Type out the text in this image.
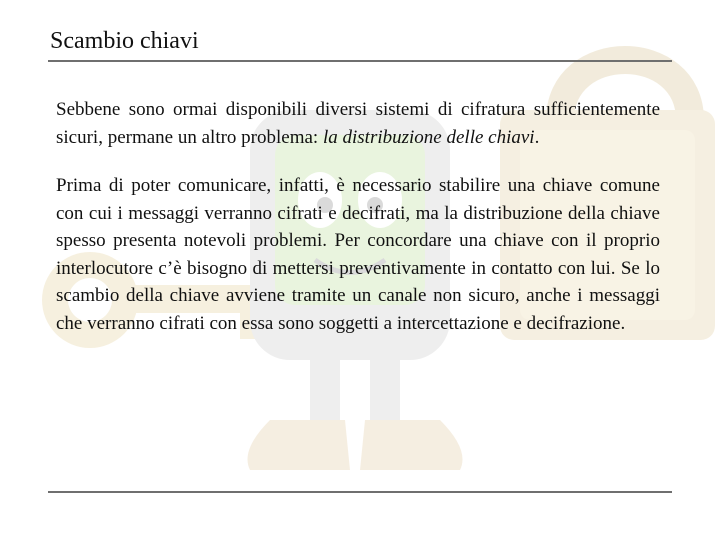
Scambio chiavi

Sebbene sono ormai disponibili diversi sistemi di cifratura sufficientemente sicuri, permane un altro problema: la distribuzione delle chiavi.

Prima di poter comunicare, infatti, è necessario stabilire una chiave comune con cui i messaggi verranno cifrati e decifrati, ma la distribuzione della chiave spesso presenta notevoli problemi. Per concordare una chiave con il proprio interlocutore c’è bisogno di mettersi preventivamente in contatto con lui. Se lo scambio della chiave avviene tramite un canale non sicuro, anche i messaggi che verranno cifrati con essa sono soggetti a intercettazione e decifrazione.
